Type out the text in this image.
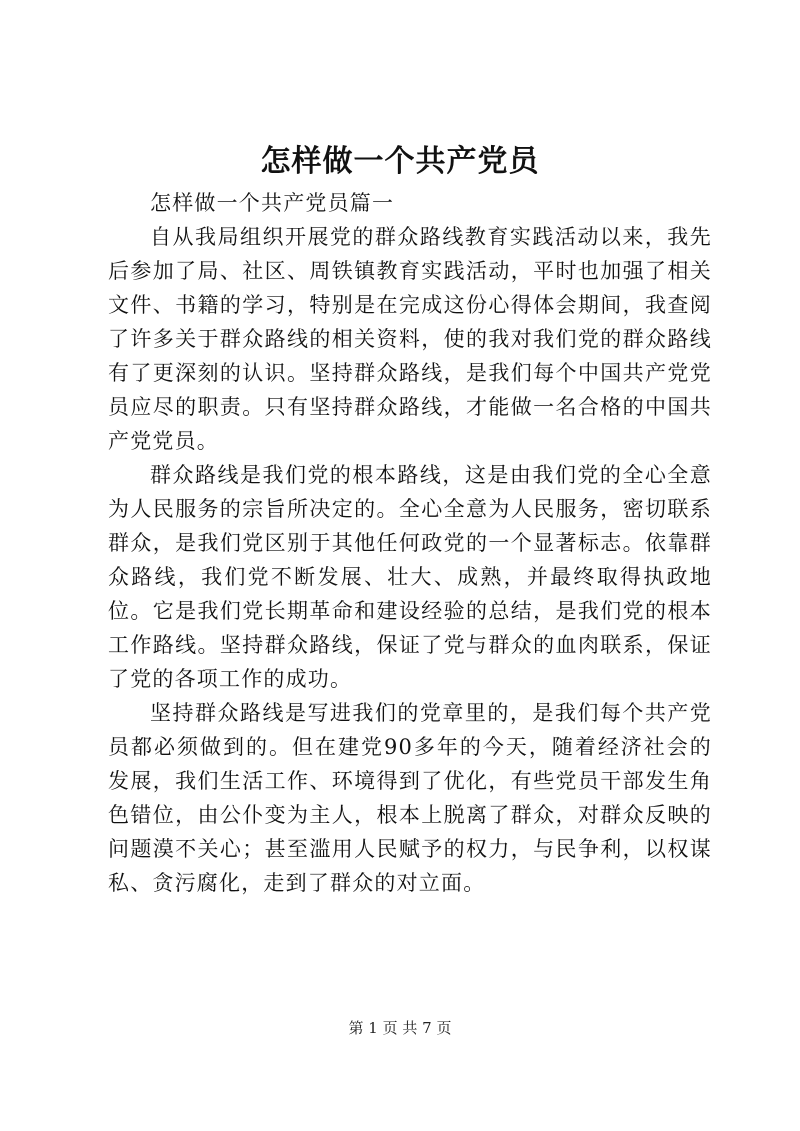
怎样做一个共产党员

怎样做一个共产党员篇一

自从我局组织开展党的群众路线教育实践活动以来，我先后参加了局、社区、周铁镇教育实践活动，平时也加强了相关文件、书籍的学习，特别是在完成这份心得体会期间，我查阅了许多关于群众路线的相关资料，使的我对我们党的群众路线有了更深刻的认识。坚持群众路线，是我们每个中国共产党党员应尽的职责。只有坚持群众路线，才能做一名合格的中国共产党党员。

群众路线是我们党的根本路线，这是由我们党的全心全意为人民服务的宗旨所决定的。全心全意为人民服务，密切联系群众，是我们党区别于其他任何政党的一个显著标志。依靠群众路线，我们党不断发展、壮大、成熟，并最终取得执政地位。它是我们党长期革命和建设经验的总结，是我们党的根本工作路线。坚持群众路线，保证了党与群众的血肉联系，保证了党的各项工作的成功。

坚持群众路线是写进我们的党章里的，是我们每个共产党员都必须做到的。但在建党90多年的今天，随着经济社会的发展，我们生活工作、环境得到了优化，有些党员干部发生角色错位，由公仆变为主人，根本上脱离了群众，对群众反映的问题漠不关心；甚至滥用人民赋予的权力，与民争利，以权谋私、贪污腐化，走到了群众的对立面。

第 1 页 共 7 页
